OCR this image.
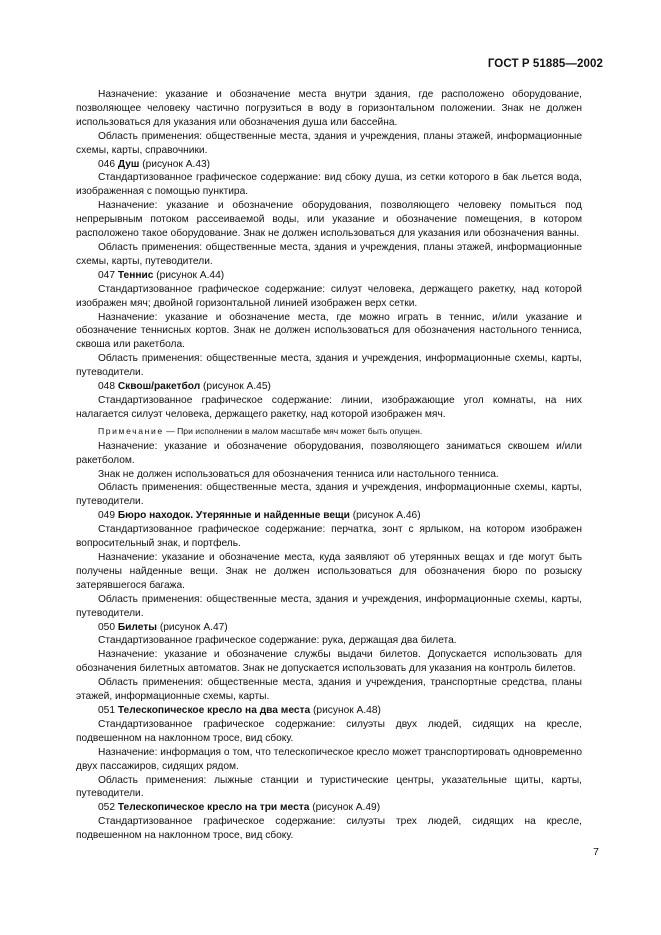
ГОСТ Р 51885—2002

Назначение: указание и обозначение места внутри здания, где расположено оборудование, позволяющее человеку частично погрузиться в воду в горизонтальном положении. Знак не должен использоваться для указания или обозначения душа или бассейна.

Область применения: общественные места, здания и учреждения, планы этажей, информационные схемы, карты, справочники.

046 Душ (рисунок А.43)

Стандартизованное графическое содержание: вид сбоку душа, из сетки которого в бак льется вода, изображенная с помощью пунктира.

Назначение: указание и обозначение оборудования, позволяющего человеку помыться под непрерывным потоком рассеиваемой воды, или указание и обозначение помещения, в котором расположено такое оборудование. Знак не должен использоваться для указания или обозначения ванны.

Область применения: общественные места, здания и учреждения, планы этажей, информационные схемы, карты, путеводители.

047 Теннис (рисунок А.44)

Стандартизованное графическое содержание: силуэт человека, держащего ракетку, над которой изображен мяч; двойной горизонтальной линией изображен верх сетки.

Назначение: указание и обозначение места, где можно играть в теннис, и/или указание и обозначение теннисных кортов. Знак не должен использоваться для обозначения настольного тенниса, сквоша или ракетбола.

Область применения: общественные места, здания и учреждения, информационные схемы, карты, путеводители.

048 Сквош/ракетбол (рисунок А.45)

Стандартизованное графическое содержание: линии, изображающие угол комнаты, на них налагается силуэт человека, держащего ракетку, над которой изображен мяч.

Примечание — При исполнении в малом масштабе мяч может быть опущен.

Назначение: указание и обозначение оборудования, позволяющего заниматься сквошем и/или ракетболом.

Знак не должен использоваться для обозначения тенниса или настольного тенниса.

Область применения: общественные места, здания и учреждения, информационные схемы, карты, путеводители.

049 Бюро находок. Утерянные и найденные вещи (рисунок А.46)

Стандартизованное графическое содержание: перчатка, зонт с ярлыком, на котором изображен вопросительный знак, и портфель.

Назначение: указание и обозначение места, куда заявляют об утерянных вещах и где могут быть получены найденные вещи. Знак не должен использоваться для обозначения бюро по розыску затерявшегося багажа.

Область применения: общественные места, здания и учреждения, информационные схемы, карты, путеводители.

050 Билеты (рисунок А.47)

Стандартизованное графическое содержание: рука, держащая два билета.

Назначение: указание и обозначение службы выдачи билетов. Допускается использовать для обозначения билетных автоматов. Знак не допускается использовать для указания на контроль билетов.

Область применения: общественные места, здания и учреждения, транспортные средства, планы этажей, информационные схемы, карты.

051 Телескопическое кресло на два места (рисунок А.48)

Стандартизованное графическое содержание: силуэты двух людей, сидящих на кресле, подвешенном на наклонном тросе, вид сбоку.

Назначение: информация о том, что телескопическое кресло может транспортировать одновременно двух пассажиров, сидящих рядом.

Область применения: лыжные станции и туристические центры, указательные щиты, карты, путеводители.

052 Телескопическое кресло на три места (рисунок А.49)

Стандартизованное графическое содержание: силуэты трех людей, сидящих на кресле, подвешенном на наклонном тросе, вид сбоку.

7
